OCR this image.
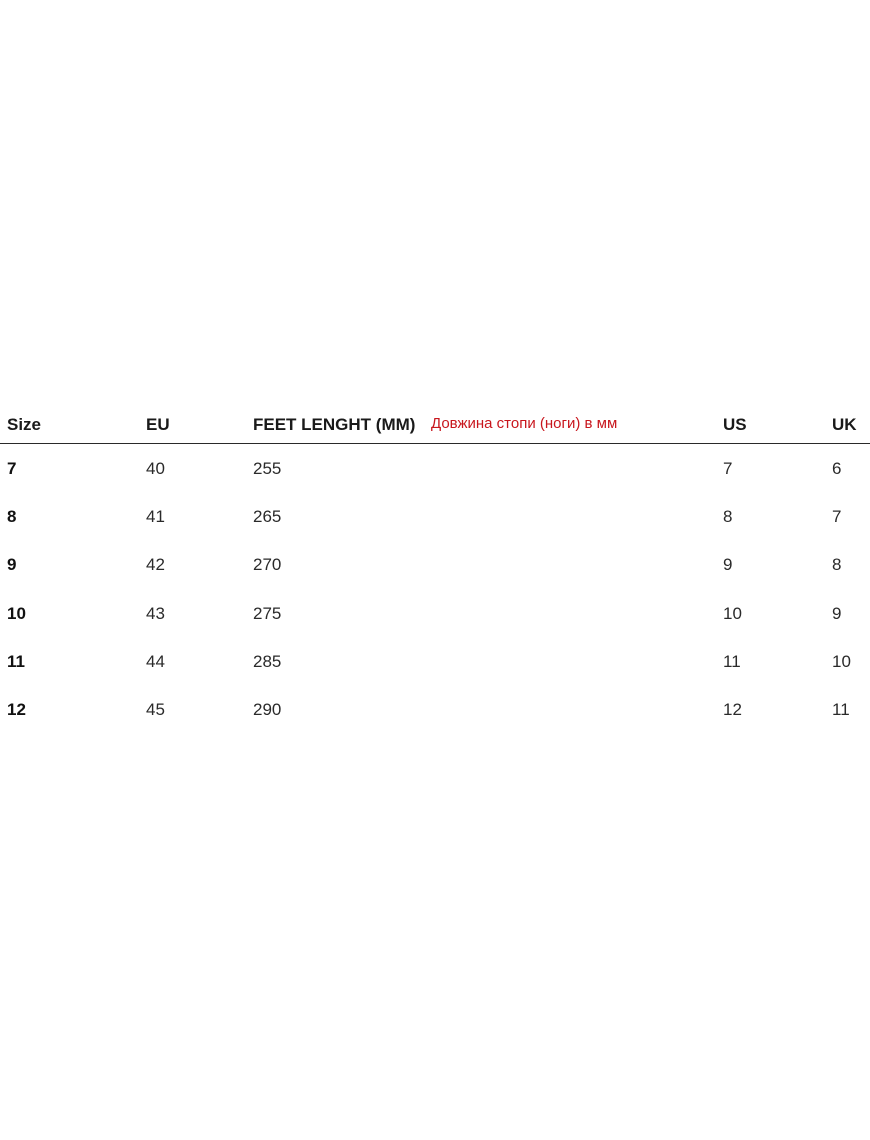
Size	EU	FEET LENGHT (MM) Довжина стопи (ноги) в мм	US	UK
7	40	255	7	6
8	41	265	8	7
9	42	270	9	8
10	43	275	10	9
11	44	285	11	10
12	45	290	12	11
